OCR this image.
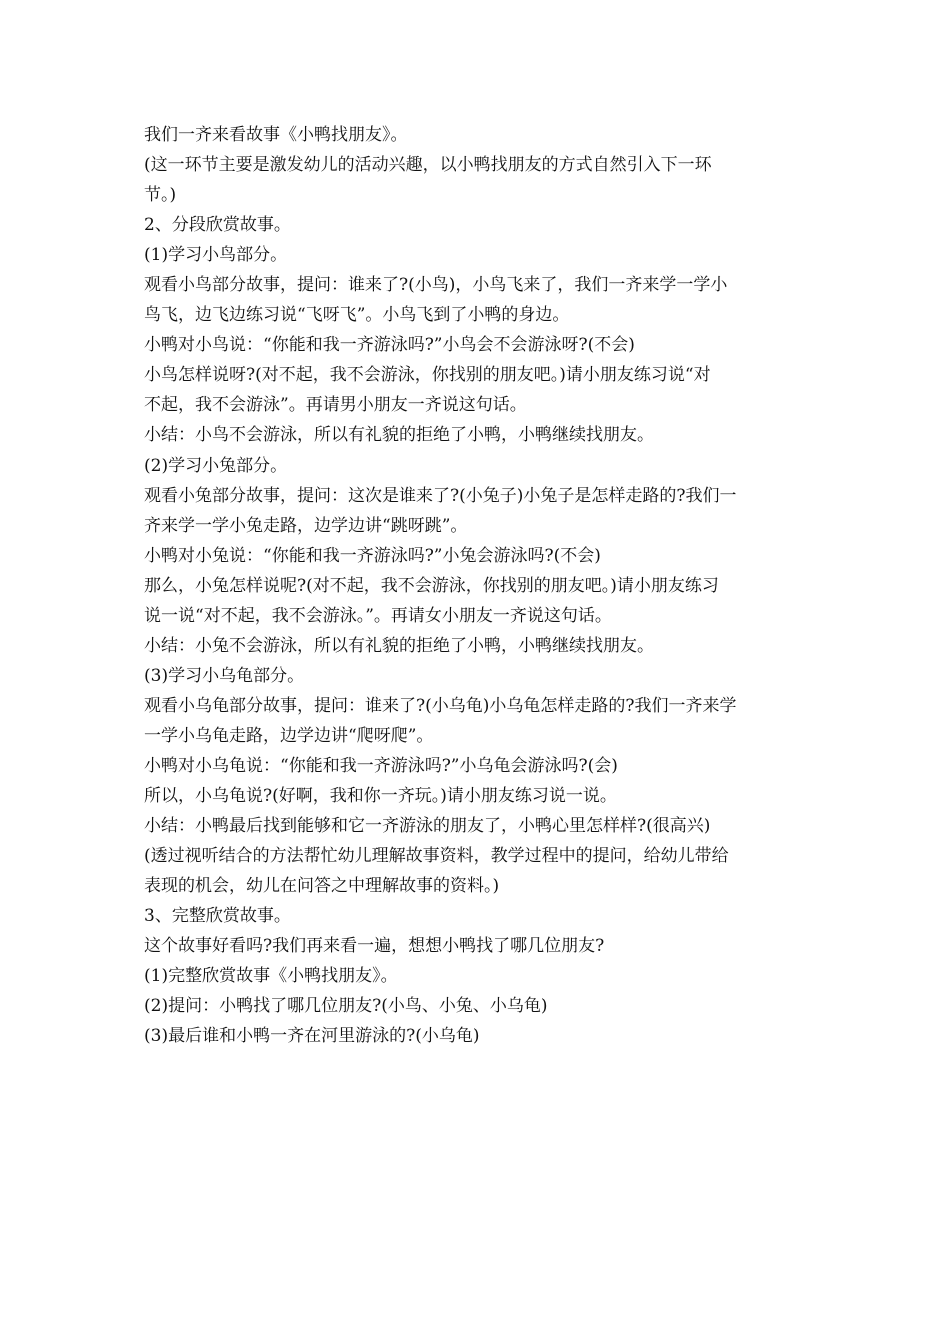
我们一齐来看故事《小鸭找朋友》。
(这一环节主要是激发幼儿的活动兴趣，以小鸭找朋友的方式自然引入下一环
节。)
2、分段欣赏故事。
(1)学习小鸟部分。
观看小鸟部分故事，提问：谁来了?(小鸟)，小鸟飞来了，我们一齐来学一学小
鸟飞，边飞边练习说“飞呀飞”。小鸟飞到了小鸭的身边。
小鸭对小鸟说：“你能和我一齐游泳吗?”小鸟会不会游泳呀?(不会)
小鸟怎样说呀?(对不起，我不会游泳，你找别的朋友吧。)请小朋友练习说“对
不起，我不会游泳”。再请男小朋友一齐说这句话。
小结：小鸟不会游泳，所以有礼貌的拒绝了小鸭，小鸭继续找朋友。
(2)学习小兔部分。
观看小兔部分故事，提问：这次是谁来了?(小兔子)小兔子是怎样走路的?我们一
齐来学一学小兔走路，边学边讲“跳呀跳”。
小鸭对小兔说：“你能和我一齐游泳吗?”小兔会游泳吗?(不会)
那么，小兔怎样说呢?(对不起，我不会游泳，你找别的朋友吧。)请小朋友练习
说一说“对不起，我不会游泳。”。再请女小朋友一齐说这句话。
小结：小兔不会游泳，所以有礼貌的拒绝了小鸭，小鸭继续找朋友。
(3)学习小乌龟部分。
观看小乌龟部分故事，提问：谁来了?(小乌龟)小乌龟怎样走路的?我们一齐来学
一学小乌龟走路，边学边讲“爬呀爬”。
小鸭对小乌龟说：“你能和我一齐游泳吗?”小乌龟会游泳吗?(会)
所以，小乌龟说?(好啊，我和你一齐玩。)请小朋友练习说一说。
小结：小鸭最后找到能够和它一齐游泳的朋友了，小鸭心里怎样样?(很高兴)
(透过视听结合的方法帮忙幼儿理解故事资料，教学过程中的提问，给幼儿带给
表现的机会，幼儿在问答之中理解故事的资料。)
3、完整欣赏故事。
这个故事好看吗?我们再来看一遍，想想小鸭找了哪几位朋友?
(1)完整欣赏故事《小鸭找朋友》。
(2)提问：小鸭找了哪几位朋友?(小鸟、小兔、小乌龟)
(3)最后谁和小鸭一齐在河里游泳的?(小乌龟)
